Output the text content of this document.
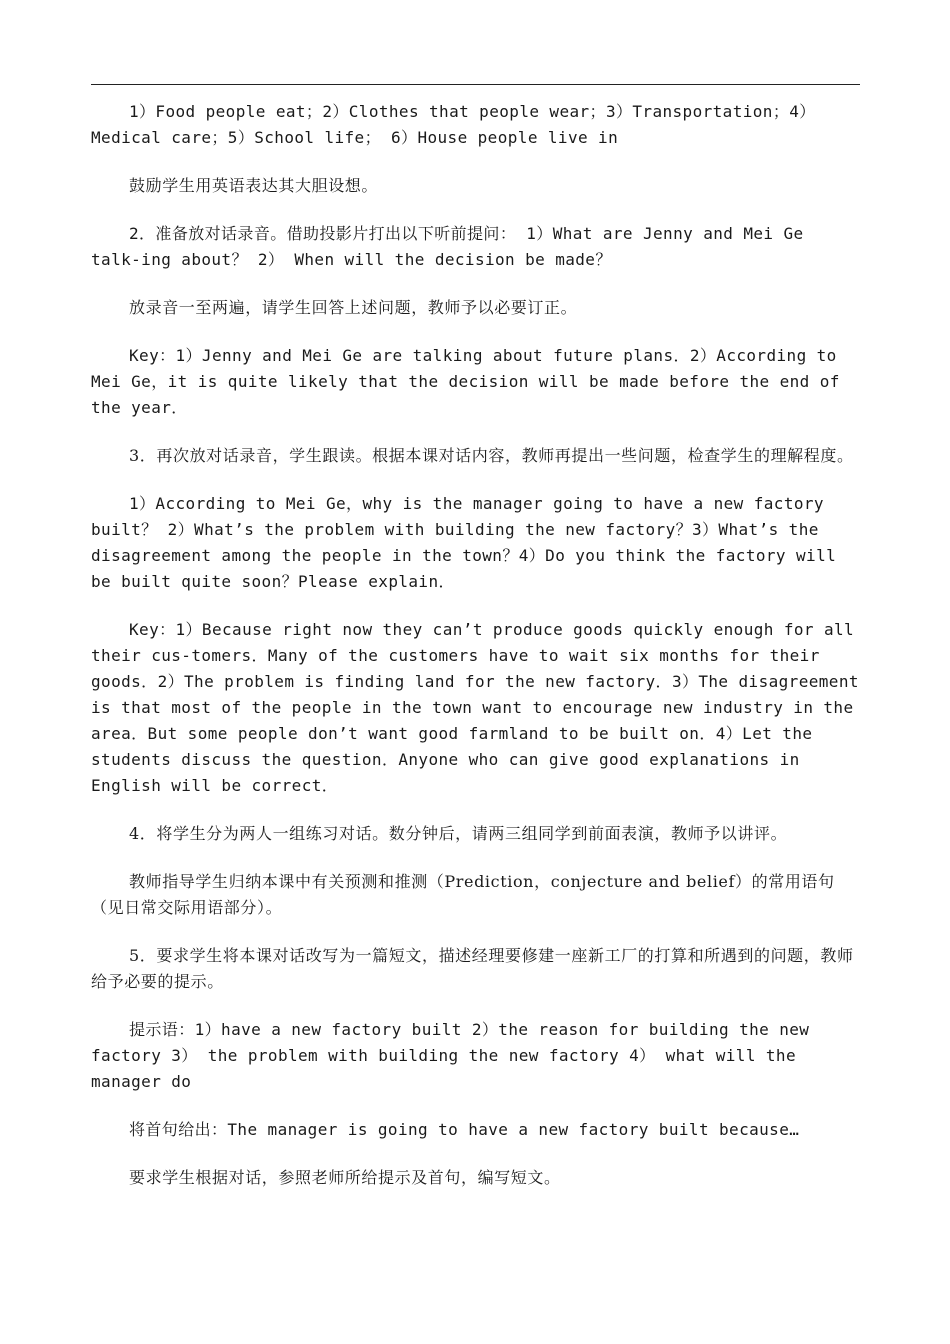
1）Food people eat；2）Clothes that people wear；3）Transportation；4）Medical care；5）School life； 6）House people live in

鼓励学生用英语表达其大胆设想。

2．准备放对话录音。借助投影片打出以下听前提问： 1）What are Jenny and Mei Ge talk-ing about？ 2） When will the decision be made？

放录音一至两遍，请学生回答上述问题，教师予以必要订正。

Key：1）Jenny and Mei Ge are talking about future plans．2）According to Mei Ge，it is quite likely that the decision will be made before the end of the year．

3．再次放对话录音，学生跟读。根据本课对话内容，教师再提出一些问题，检查学生的理解程度。

1）According to Mei Ge，why is the manager going to have a new factory built？ 2）What’s the problem with building the new factory？3）What’s the disagreement among the people in the town？4）Do you think the factory will be built quite soon？Please explain．

Key：1）Because right now they can’t produce goods quickly enough for all their cus-tomers．Many of the customers have to wait six months for their goods．2）The problem is finding land for the new factory．3）The disagreement is that most of the people in the town want to encourage new industry in the area．But some people don’t want good farmland to be built on．4）Let the students discuss the question．Anyone who can give good explanations in English will be correct．

4．将学生分为两人一组练习对话。数分钟后，请两三组同学到前面表演，教师予以讲评。

教师指导学生归纳本课中有关预测和推测（Prediction，conjecture and belief）的常用语句（见日常交际用语部分）。

5．要求学生将本课对话改写为一篇短文，描述经理要修建一座新工厂的打算和所遇到的问题，教师给予必要的提示。

提示语：1）have a new factory built 2）the reason for building the new factory 3） the problem with building the new factory 4） what will the manager do

将首句给出：The manager is going to have a new factory built because…

要求学生根据对话，参照老师所给提示及首句，编写短文。
